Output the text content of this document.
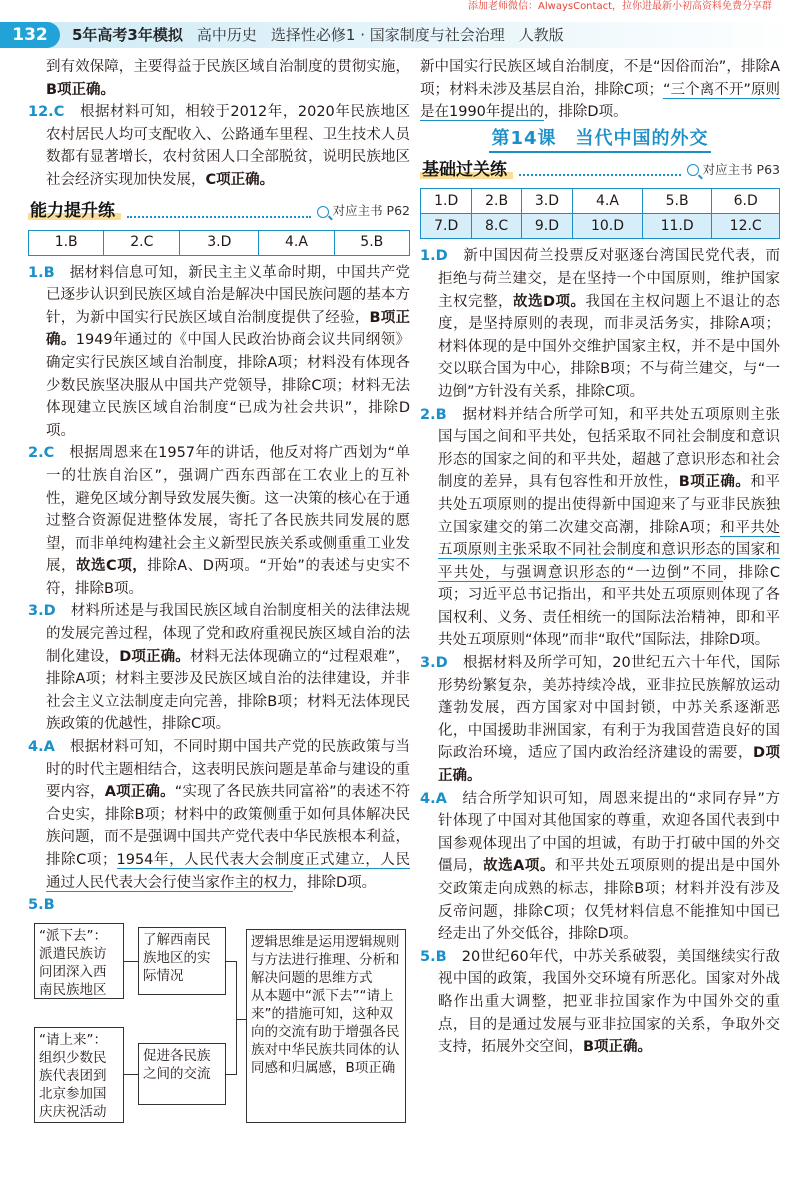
添加老师微信：AlwaysContact，拉你进最新小初高资料免费分享群
132	5年高考3年模拟 高中历史 选择性必修1 · 国家制度与社会治理 人教版

到有效保障，主要得益于民族区域自治制度的贯彻实施，B项正确。

12.C　 根据材料可知，相较于2012年，2020年民族地区农村居民人均可支配收入、公路通车里程、卫生技术人员数都有显著增长，农村贫困人口全部脱贫，说明民族地区社会经济实现加快发展，C项正确。

能力提升练	对应主书 P62
1.B	2.C	3.D	4.A	5.B

1.B　 据材料信息可知，新民主主义革命时期，中国共产党已逐步认识到民族区域自治是解决中国民族问题的基本方针，为新中国实行民族区域自治制度提供了经验，B项正确。1949年通过的《中国人民政治协商会议共同纲领》确定实行民族区域自治制度，排除A项；材料没有体现各少数民族坚决服从中国共产党领导，排除C项；材料无法体现建立民族区域自治制度“已成为社会共识”，排除D项。

2.C　 根据周恩来在1957年的讲话，他反对将广西划为“单一的壮族自治区”，强调广西东西部在工农业上的互补性，避免区域分割导致发展失衡。这一决策的核心在于通过整合资源促进整体发展，寄托了各民族共同发展的愿望，而非单纯构建社会主义新型民族关系或侧重重工业发展，故选C项，排除A、D两项。“开始”的表述与史实不符，排除B项。

3.D　 材料所述是与我国民族区域自治制度相关的法律法规的发展完善过程，体现了党和政府重视民族区域自治的法制化建设，D项正确。材料无法体现确立的“过程艰难”，排除A项；材料主要涉及民族区域自治的法律建设，并非社会主义立法制度走向完善，排除B项；材料无法体现民族政策的优越性，排除C项。

4.A　 根据材料可知，不同时期中国共产党的民族政策与当时的时代主题相结合，这表明民族问题是革命与建设的重要内容，A项正确。“实现了各民族共同富裕”的表述不符合史实，排除B项；材料中的政策侧重于如何具体解决民族问题，而不是强调中国共产党代表中华民族根本利益，排除C项；1954年，人民代表大会制度正式建立，人民通过人民代表大会行使当家作主的权力，排除D项。

5.B

“派下去”：派遣民族访问团深入西南民族地区
了解西南民族地区的实际情况
“请上来”：组织少数民族代表团到北京参加国庆庆祝活动
促进各民族之间的交流
逻辑思维是运用逻辑规则与方法进行推理、分析和解决问题的思维方式
从本题中“派下去”“请上来”的措施可知，这种双向的交流有助于增强各民族对中华民族共同体的认同感和归属感，B项正确

新中国实行民族区域自治制度，不是“因俗而治”，排除A项；材料未涉及基层自治，排除C项；“三个离不开”原则是在1990年提出的，排除D项。

第14课　当代中国的外交
基础过关练	对应主书 P63
1.D	2.B	3.D	4.A	5.B	6.D
7.D	8.C	9.D	10.D	11.D	12.C

1.D　 新中国因荷兰投票反对驱逐台湾国民党代表，而拒绝与荷兰建交，是在坚持一个中国原则，维护国家主权完整，故选D项。我国在主权问题上不退让的态度，是坚持原则的表现，而非灵活务实，排除A项；材料体现的是中国外交维护国家主权，并不是中国外交以联合国为中心，排除B项；不与荷兰建交，与“一边倒”方针没有关系，排除C项。

2.B　 据材料并结合所学可知，和平共处五项原则主张国与国之间和平共处，包括采取不同社会制度和意识形态的国家之间的和平共处，超越了意识形态和社会制度的差异，具有包容性和开放性，B项正确。和平共处五项原则的提出使得新中国迎来了与亚非民族独立国家建交的第二次建交高潮，排除A项；和平共处五项原则主张采取不同社会制度和意识形态的国家和平共处，与强调意识形态的“一边倒”不同，排除C项；习近平总书记指出，和平共处五项原则体现了各国权利、义务、责任相统一的国际法治精神，即和平共处五项原则“体现”而非“取代”国际法，排除D项。

3.D　 根据材料及所学可知，20世纪五六十年代，国际形势纷繁复杂，美苏持续冷战，亚非拉民族解放运动蓬勃发展，西方国家对中国封锁，中苏关系逐渐恶化，中国援助非洲国家，有利于为我国营造良好的国际政治环境，适应了国内政治经济建设的需要，D项正确。

4.A　 结合所学知识可知，周恩来提出的“求同存异”方针体现了中国对其他国家的尊重，欢迎各国代表到中国参观体现出了中国的坦诚，有助于打破中国的外交僵局，故选A项。和平共处五项原则的提出是中国外交政策走向成熟的标志，排除B项；材料并没有涉及反帝问题，排除C项；仅凭材料信息不能推知中国已经走出了外交低谷，排除D项。

5.B　 20世纪60年代，中苏关系破裂，美国继续实行敌视中国的政策，我国外交环境有所恶化。国家对外战略作出重大调整，把亚非拉国家作为中国外交的重点，目的是通过发展与亚非拉国家的关系，争取外交支持，拓展外交空间，B项正确。
